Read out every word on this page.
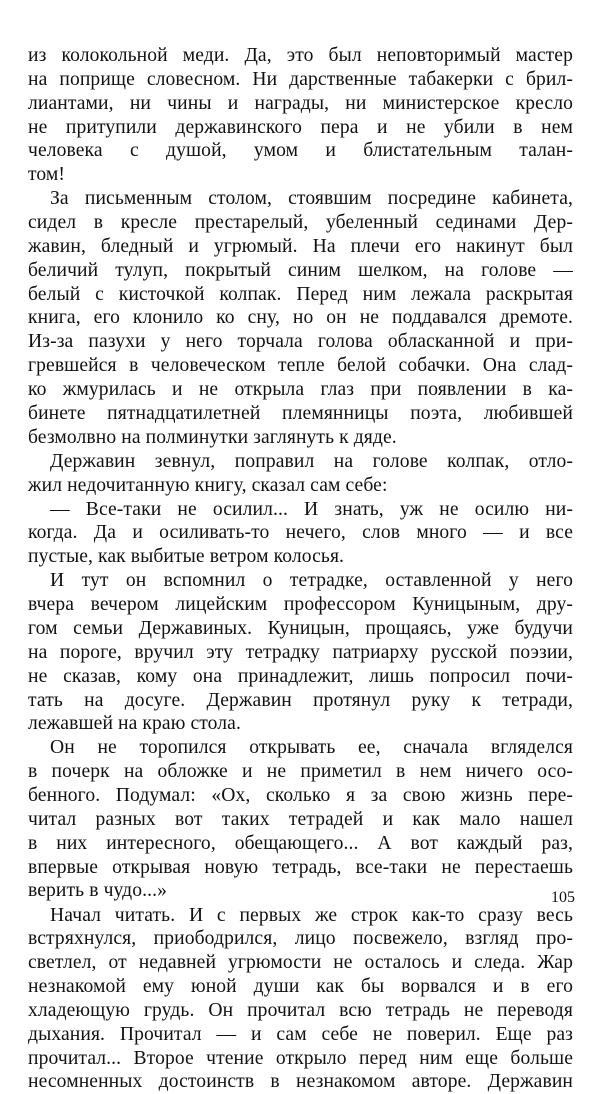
из колокольной меди. Да, это был неповторимый мастер
на поприще словесном. Ни дарственные табакерки с брил-
лиантами, ни чины и награды, ни министерское кресло
не притупили державинского пера и не убили в нем
человека с душой, умом и блистательным талан-
том!
За письменным столом, стоявшим посредине кабинета,
сидел в кресле престарелый, убеленный сединами Дер-
жавин, бледный и угрюмый. На плечи его накинут был
беличий тулуп, покрытый синим шелком, на голове —
белый с кисточкой колпак. Перед ним лежала раскрытая
книга, его клонило ко сну, но он не поддавался дремоте.
Из-за пазухи у него торчала голова обласканной и при-
гревшейся в человеческом тепле белой собачки. Она слад-
ко жмурилась и не открыла глаз при появлении в ка-
бинете пятнадцатилетней племянницы поэта, любившей
безмолвно на полминутки заглянуть к дяде.
Державин зевнул, поправил на голове колпак, отло-
жил недочитанную книгу, сказал сам себе:
— Все-таки не осилил... И знать, уж не осилю ни-
когда. Да и осиливать-то нечего, слов много — и все
пустые, как выбитые ветром колосья.
И тут он вспомнил о тетрадке, оставленной у него
вчера вечером лицейским профессором Куницыным, дру-
гом семьи Державиных. Куницын, прощаясь, уже будучи
на пороге, вручил эту тетрадку патриарху русской поэзии,
не сказав, кому она принадлежит, лишь попросил почи-
тать на досуге. Державин протянул руку к тетради,
лежавшей на краю стола.
Он не торопился открывать ее, сначала вгляделся
в почерк на обложке и не приметил в нем ничего осо-
бенного. Подумал: «Ох, сколько я за свою жизнь пере-
читал разных вот таких тетрадей и как мало нашел
в них интересного, обещающего... А вот каждый раз,
впервые открывая новую тетрадь, все-таки не перестаешь
верить в чудо...»
Начал читать. И с первых же строк как-то сразу весь
встряхнулся, приободрился, лицо посвежело, взгляд про-
светлел, от недавней угрюмости не осталось и следа. Жар
незнакомой ему юной души как бы ворвался и в его
хладеющую грудь. Он прочитал всю тетрадь не переводя
дыхания. Прочитал — и сам себе не поверил. Еще раз
прочитал... Второе чтение открыло перед ним еще больше
несомненных достоинств в незнакомом авторе. Державин
105
